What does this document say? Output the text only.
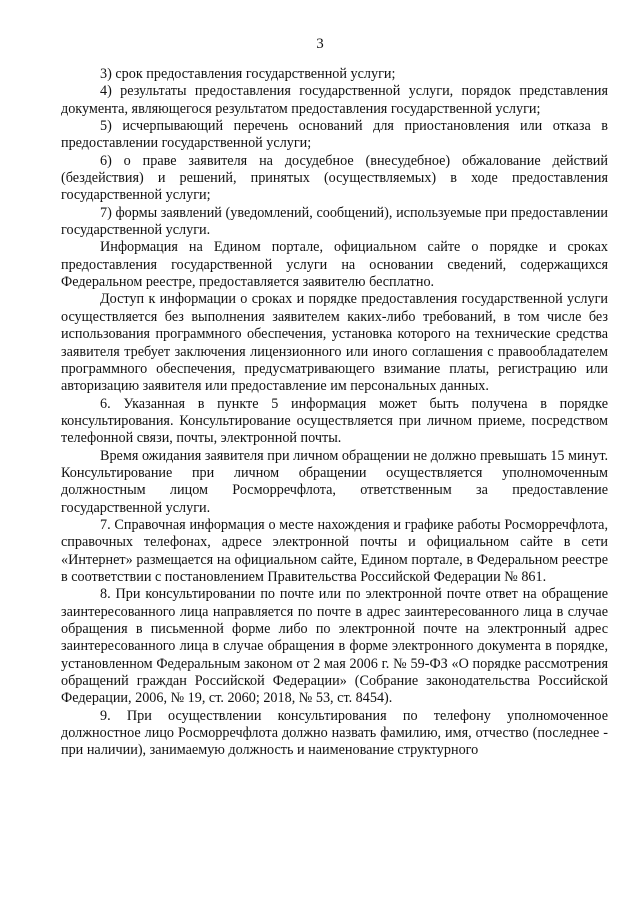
3

3) срок предоставления государственной услуги;

4) результаты предоставления государственной услуги, порядок представления документа, являющегося результатом предоставления государственной услуги;

5) исчерпывающий перечень оснований для приостановления или отказа в предоставлении государственной услуги;

6) о праве заявителя на досудебное (внесудебное) обжалование действий (бездействия) и решений, принятых (осуществляемых) в ходе предоставления государственной услуги;

7) формы заявлений (уведомлений, сообщений), используемые при предоставлении государственной услуги.

Информация на Едином портале, официальном сайте о порядке и сроках предоставления государственной услуги на основании сведений, содержащихся Федеральном реестре, предоставляется заявителю бесплатно.

Доступ к информации о сроках и порядке предоставления государственной услуги осуществляется без выполнения заявителем каких-либо требований, в том числе без использования программного обеспечения, установка которого на технические средства заявителя требует заключения лицензионного или иного соглашения с правообладателем программного обеспечения, предусматривающего взимание платы, регистрацию или авторизацию заявителя или предоставление им персональных данных.

6. Указанная в пункте 5 информация может быть получена в порядке консультирования. Консультирование осуществляется при личном приеме, посредством телефонной связи, почты, электронной почты.

Время ожидания заявителя при личном обращении не должно превышать 15 минут. Консультирование при личном обращении осуществляется уполномоченным должностным лицом Росморречфлота, ответственным за предоставление государственной услуги.

7. Справочная информация о месте нахождения и графике работы Росморречфлота, справочных телефонах, адресе электронной почты и официальном сайте в сети «Интернет» размещается на официальном сайте, Едином портале, в Федеральном реестре в соответствии с постановлением Правительства Российской Федерации № 861.

8. При консультировании по почте или по электронной почте ответ на обращение заинтересованного лица направляется по почте в адрес заинтересованного лица в случае обращения в письменной форме либо по электронной почте на электронный адрес заинтересованного лица в случае обращения в форме электронного документа в порядке, установленном Федеральным законом от 2 мая 2006 г. № 59-ФЗ «О порядке рассмотрения обращений граждан Российской Федерации» (Собрание законодательства Российской Федерации, 2006, № 19, ст. 2060; 2018, № 53, ст. 8454).

9. При осуществлении консультирования по телефону уполномоченное должностное лицо Росморречфлота должно назвать фамилию, имя, отчество (последнее - при наличии), занимаемую должность и наименование структурного
